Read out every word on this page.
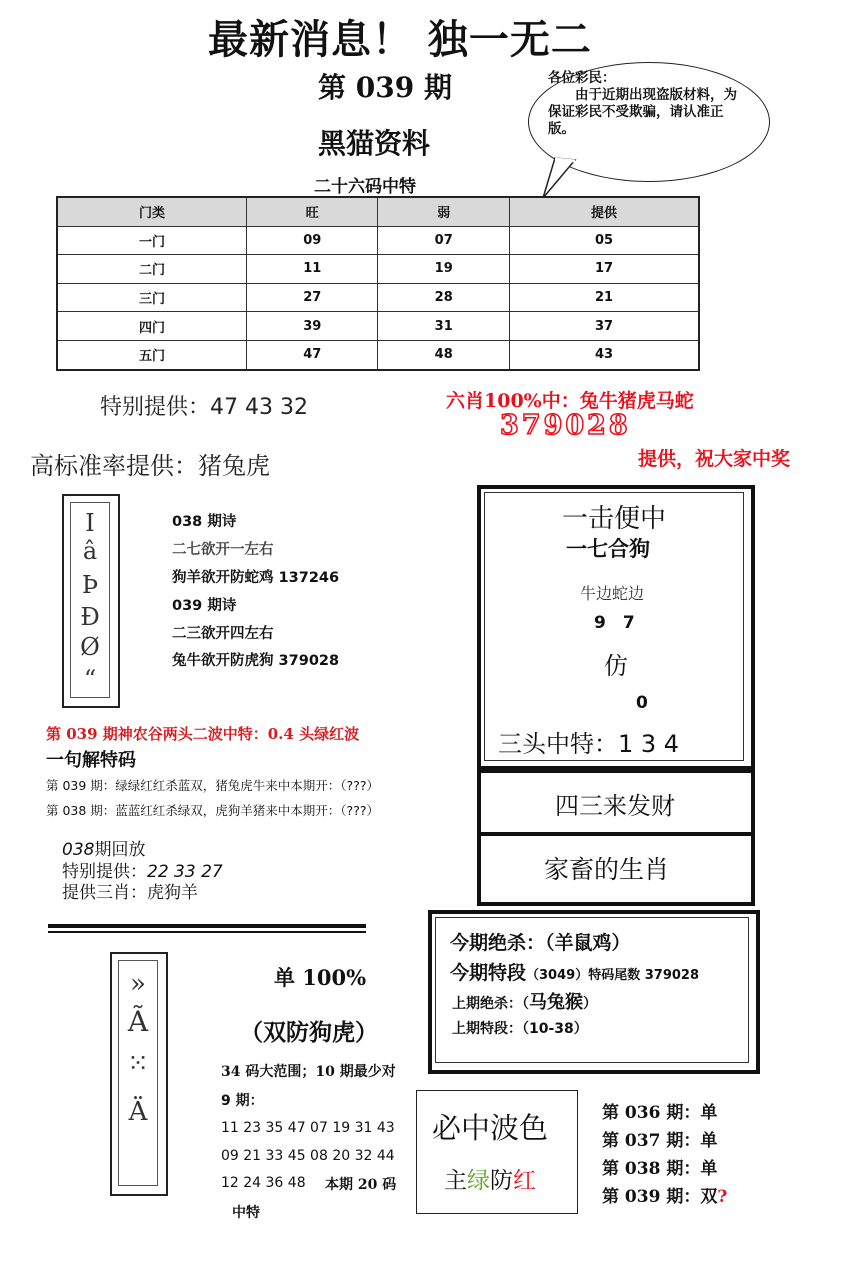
最新消息！ 独一无二
第 039 期
黑猫资料
各位彩民：
　　由于近期出现盗版材料，为保证彩民不受欺骗，请认准正版。
二十六码中特
门类	旺	弱	提供
一门	09	07	05
二门	11	19	17
三门	27	28	21
四门	39	31	37
五门	47	48	43
特别提供：47 43 32	六肖100%中：兔牛猪虎马蛇
379028
提供，祝大家中奖
高标准率提供：猪兔虎
I
â
Þ
Ð
Ø
“
038 期诗
二七欲开一左右
狗羊欲开防蛇鸡 137246
039 期诗
二三欲开四左右
兔牛欲开防虎狗 379028
第 039 期神农谷两头二波中特：0.4 头绿红波
一句解特码
第 039 期：绿绿红红杀蓝双，猪兔虎牛来中本期开：（???）
第 038 期：蓝蓝红红杀绿双，虎狗羊猪来中本期开：（???）
038期回放
特别提供：22 33 27
提供三肖：虎狗羊
一击便中
一七合狗
牛边蛇边
9　7
仿
0
三头中特：1 3 4
四三来发财
家畜的生肖
今期绝杀：（羊鼠鸡）
今期特段（3049）特码尾数 379028
上期绝杀：（马兔猴）
上期特段：（10-38）
»
Ã
⁙
Ä
单 100%
（双防狗虎）
34 码大范围；10 期最少对
9 期：
11 23 35 47 07 19 31 43
09 21 33 45 08 20 32 44
12 24 36 48 本期 20 码
中特
必中波色
主绿防红
第 036 期：单
第 037 期：单
第 038 期：单
第 039 期：双?
